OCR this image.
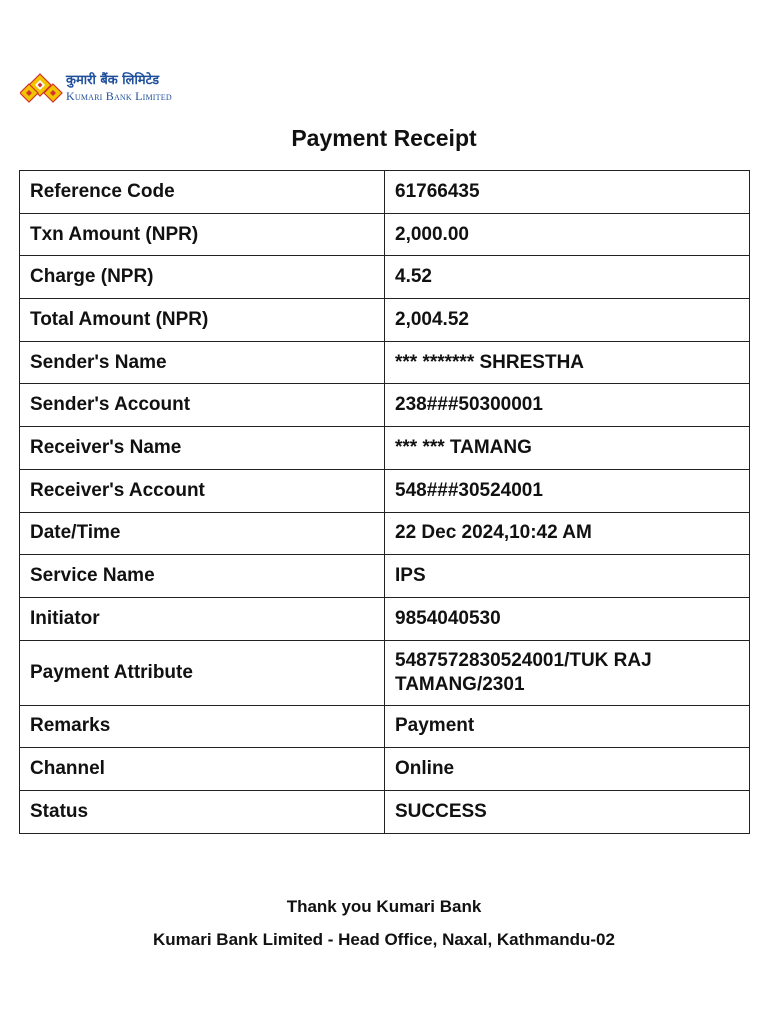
कुमारी बैंक लिमिटेड
Kumari Bank Limited
Payment Receipt
Reference Code	61766435
Txn Amount (NPR)	2,000.00
Charge (NPR)	4.52
Total Amount (NPR)	2,004.52
Sender's Name	*** ******* SHRESTHA
Sender's Account	238###50300001
Receiver's Name	*** *** TAMANG
Receiver's Account	548###30524001
Date/Time	22 Dec 2024,10:42 AM
Service Name	IPS
Initiator	9854040530
Payment Attribute	5487572830524001/TUK RAJ TAMANG/2301
Remarks	Payment
Channel	Online
Status	SUCCESS
Thank you Kumari Bank
Kumari Bank Limited - Head Office, Naxal, Kathmandu-02
